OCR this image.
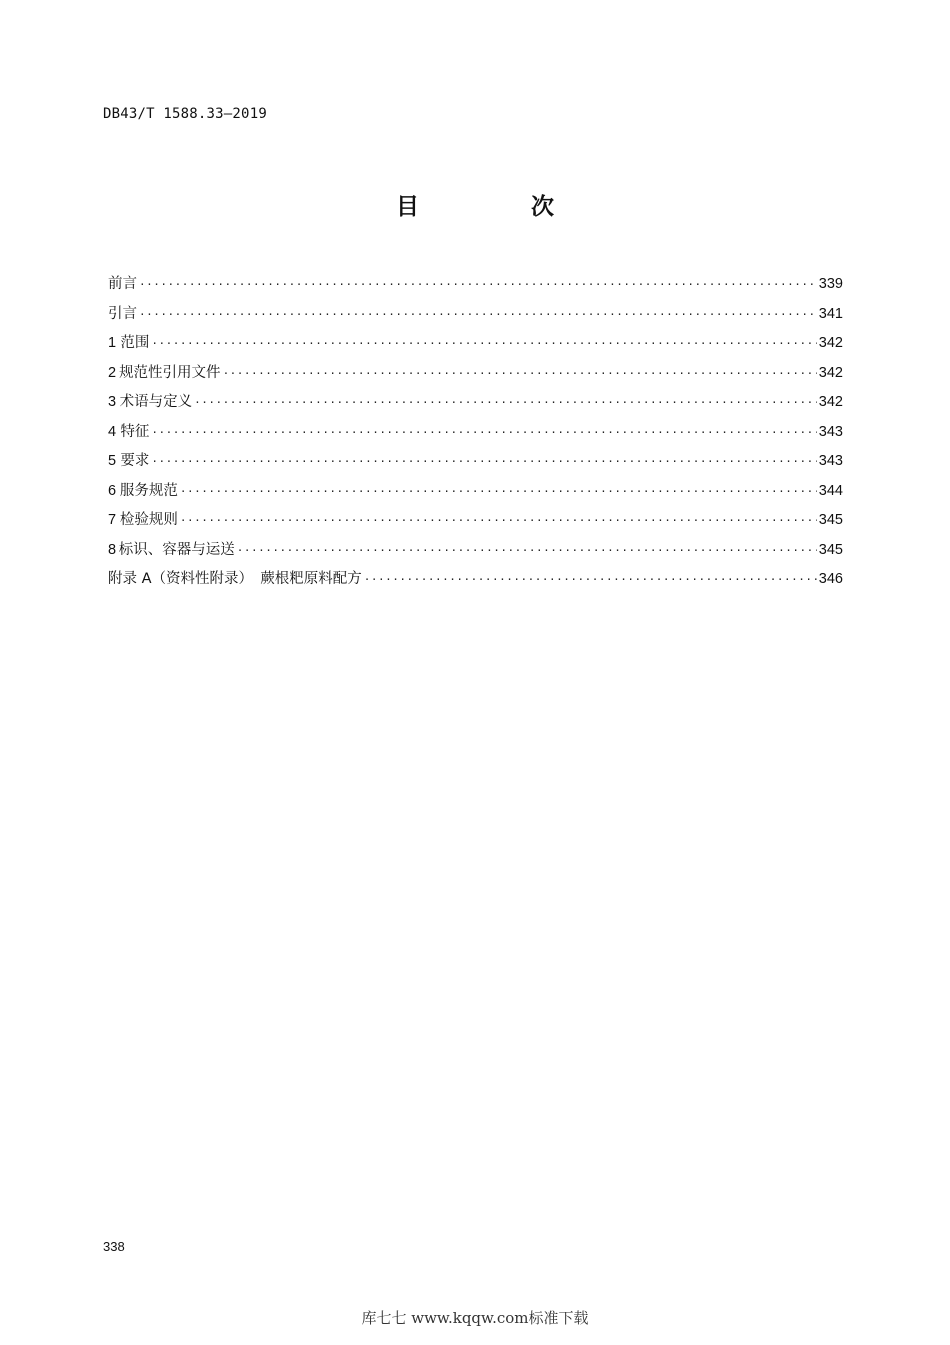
DB43/T 1588.33—2019
目 次
前言 ·····	339
引言 ·····	341
1 范围 ·····	342
2 规范性引用文件 ·····	342
3 术语与定义 ·····	342
4 特征 ·····	343
5 要求 ·····	343
6 服务规范 ·····	344
7 检验规则 ·····	345
8 标识、容器与运送 ·····	345
附录 A（资料性附录）　蕨根粑原料配方 ·····	346
338
库七七 www.kqqw.com标准下载
